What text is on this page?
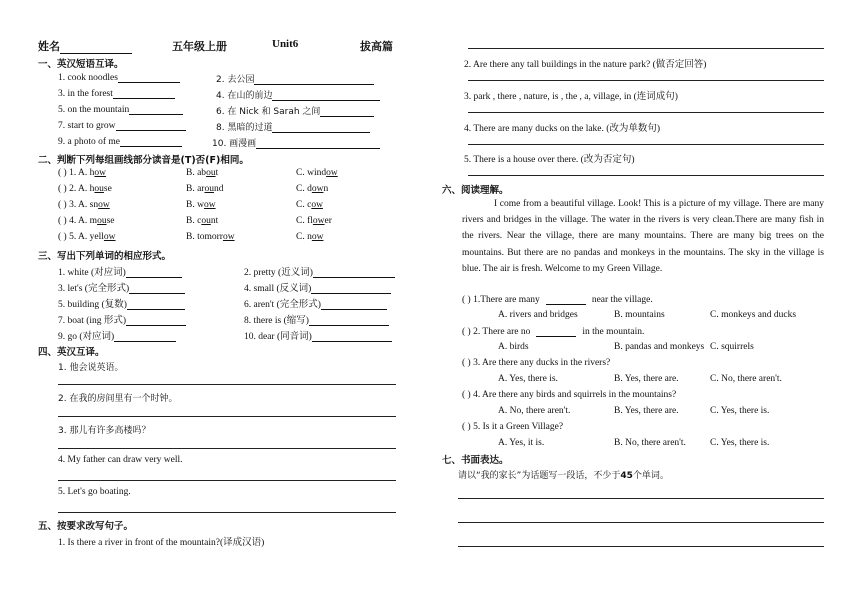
姓名	五年级上册	Unit6	拔高篇
一、英汉短语互译。
1. cook noodles	2. 去公园
3. in the forest	4. 在山的前边
5. on the mountain	6. 在 Nick 和 Sarah 之间
7. start to grow	8. 黑暗的过道
9. a photo of me	10. 画漫画
二、判断下列每组画线部分读音是(T)否(F)相同。
( ) 1. A. how	B. about	C. window
( ) 2. A. house	B. around	C. down
( ) 3. A. snow	B. wow	C. cow
( ) 4. A. mouse	B. count	C. flower
( ) 5. A. yellow	B. tomorrow	C. now
三、写出下列单词的相应形式。
1. white (对应词)	2. pretty (近义词)
3. let's (完全形式)	4. small (反义词)
5. building (复数)	6. aren't (完全形式)
7. boat (ing 形式)	8. there is (缩写)
9. go (对应词)	10. dear (同音词)
四、英汉互译。
1. 他会说英语。
2. 在我的房间里有一个时钟。
3. 那儿有许多高楼吗？
4. My father can draw very well.
5. Let's go boating.
五、按要求改写句子。
1. Is there a river in front of the mountain?(译成汉语)
2. Are there any tall buildings in the nature park? (做否定回答)
3. park , there , nature, is , the , a, village, in (连词成句)
4. There are many ducks on the lake. (改为单数句)
5. There is a house over there. (改为否定句)
六、阅读理解。
I come from a beautiful village. Look! This is a picture of my village. There are many rivers and bridges in the village. The water in the rivers is very clean.There are many fish in the rivers. Near the village, there are many mountains. There are many big trees on the mountains. But there are no pandas and monkeys in the mountains. The sky in the village is blue. The air is fresh. Welcome to my Green Village.
( ) 1.There are many	near the village.
A. rivers and bridges	B. mountains	C. monkeys and ducks
( ) 2. There are no	in the mountain.
A. birds	B. pandas and monkeys C. squirrels
( ) 3. Are there any ducks in the rivers?
A. Yes, there is.	B. Yes, there are.	C. No, there aren't.
( ) 4. Are there any birds and squirrels in the mountains?
A. No, there aren't.	B. Yes, there are.	C. Yes, there is.
( ) 5. Is it a Green Village?
A. Yes, it is.	B. No, there aren't.	C. Yes, there is.
七、书面表达。
请以“我的家长”为话题写一段话，不少于45个单词。
